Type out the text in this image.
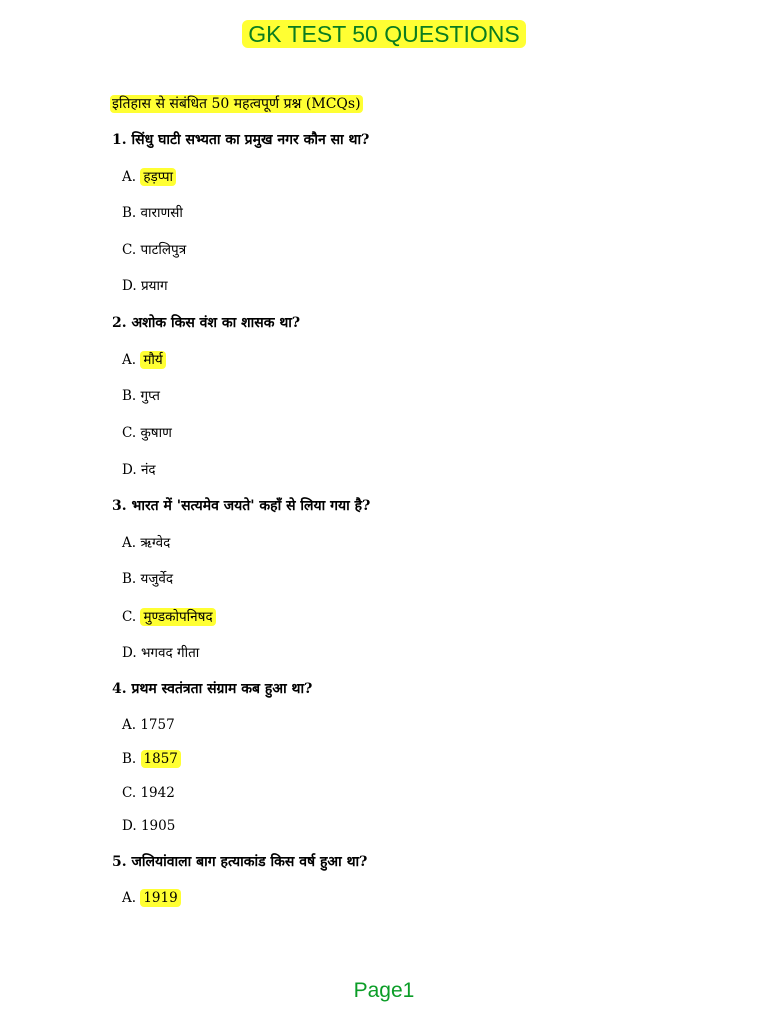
GK TEST 50 QUESTIONS
इतिहास से संबंधित 50 महत्वपूर्ण प्रश्न (MCQs)
1. सिंधु घाटी सभ्यता का प्रमुख नगर कौन सा था?
A. हड़प्पा
B. वाराणसी
C. पाटलिपुत्र
D. प्रयाग
2. अशोक किस वंश का शासक था?
A. मौर्य
B. गुप्त
C. कुषाण
D. नंद
3. भारत में 'सत्यमेव जयते' कहाँ से लिया गया है?
A. ऋग्वेद
B. यजुर्वेद
C. मुण्डकोपनिषद
D. भगवद गीता
4. प्रथम स्वतंत्रता संग्राम कब हुआ था?
A. 1757
B. 1857
C. 1942
D. 1905
5. जलियांवाला बाग हत्याकांड किस वर्ष हुआ था?
A. 1919
Page1
